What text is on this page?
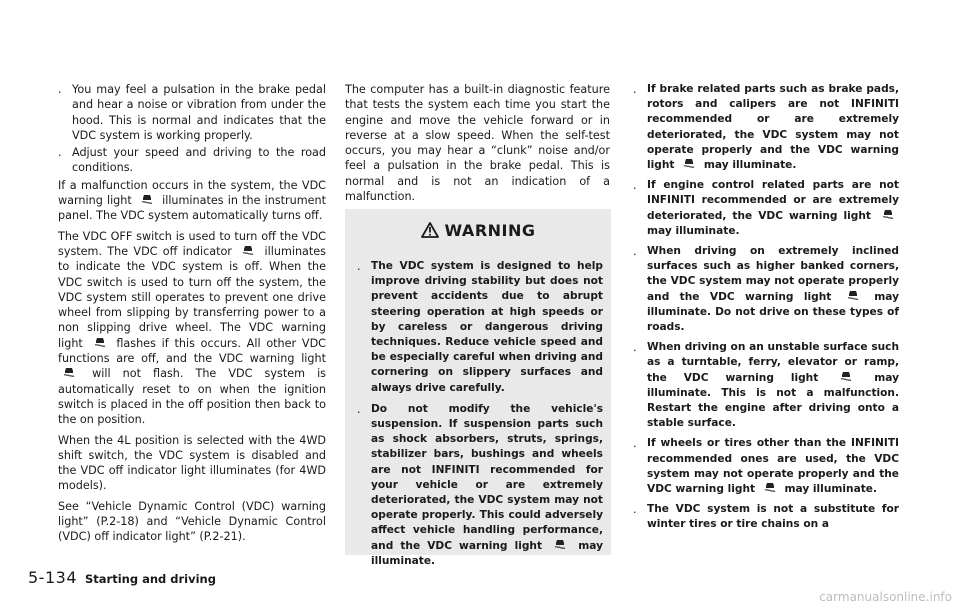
. You may feel a pulsation in the brake pedal and hear a noise or vibration from under the hood. This is normal and indicates that the VDC system is working properly.

. Adjust your speed and driving to the road conditions.

If a malfunction occurs in the system, the VDC warning light	illuminates in the instrument panel. The VDC system automatically turns off.

The VDC OFF switch is used to turn off the VDC system. The VDC off indicator	illuminates to indicate the VDC system is off. When the VDC switch is used to turn off the system, the VDC system still operates to prevent one drive wheel from slipping by transferring power to a non slipping drive wheel. The VDC warning light	flashes if this occurs. All other VDC functions are off, and the VDC warning light  will not flash. The VDC system is automatically reset to on when the ignition switch is placed in the off position then back to the on position.

When the 4L position is selected with the 4WD shift switch, the VDC system is disabled and the VDC off indicator light illuminates (for 4WD models).

See “Vehicle Dynamic Control (VDC) warning light” (P.2-18) and “Vehicle Dynamic Control (VDC) off indicator light” (P.2-21).

The computer has a built-in diagnostic feature that tests the system each time you start the engine and move the vehicle forward or in reverse at a slow speed. When the self-test occurs, you may hear a “clunk” noise and/or feel a pulsation in the brake pedal. This is normal and is not an indication of a malfunction.

WARNING
. The VDC system is designed to help improve driving stability but does not prevent accidents due to abrupt steering operation at high speeds or by careless or dangerous driving techniques. Reduce vehicle speed and be especially careful when driving and cornering on slippery surfaces and always drive carefully.

. Do not modify the vehicle's suspension. If suspension parts such as shock absorbers, struts, springs, stabilizer bars, bushings and wheels are not INFINITI recommended for your vehicle or are extremely deteriorated, the VDC system may not operate properly. This could adversely affect vehicle handling performance, and the VDC warning light	may illuminate.

. If brake related parts such as brake pads, rotors and calipers are not INFINITI recommended or are extremely deteriorated, the VDC system may not operate properly and the VDC warning light	may illuminate.

. If engine control related parts are not INFINITI recommended or are extremely deteriorated, the VDC warning light  may illuminate.

. When driving on extremely inclined surfaces such as higher banked corners, the VDC system may not operate properly and the VDC warning light	may illuminate. Do not drive on these types of roads.

. When driving on an unstable surface such as a turntable, ferry, elevator or ramp, the VDC warning light	may illuminate. This is not a malfunction. Restart the engine after driving onto a stable surface.

. If wheels or tires other than the INFINITI recommended ones are used, the VDC system may not operate properly and the VDC warning light	may illuminate.

. The VDC system is not a substitute for winter tires or tire chains on a

5-134 Starting and driving
carmanualsonline.info
